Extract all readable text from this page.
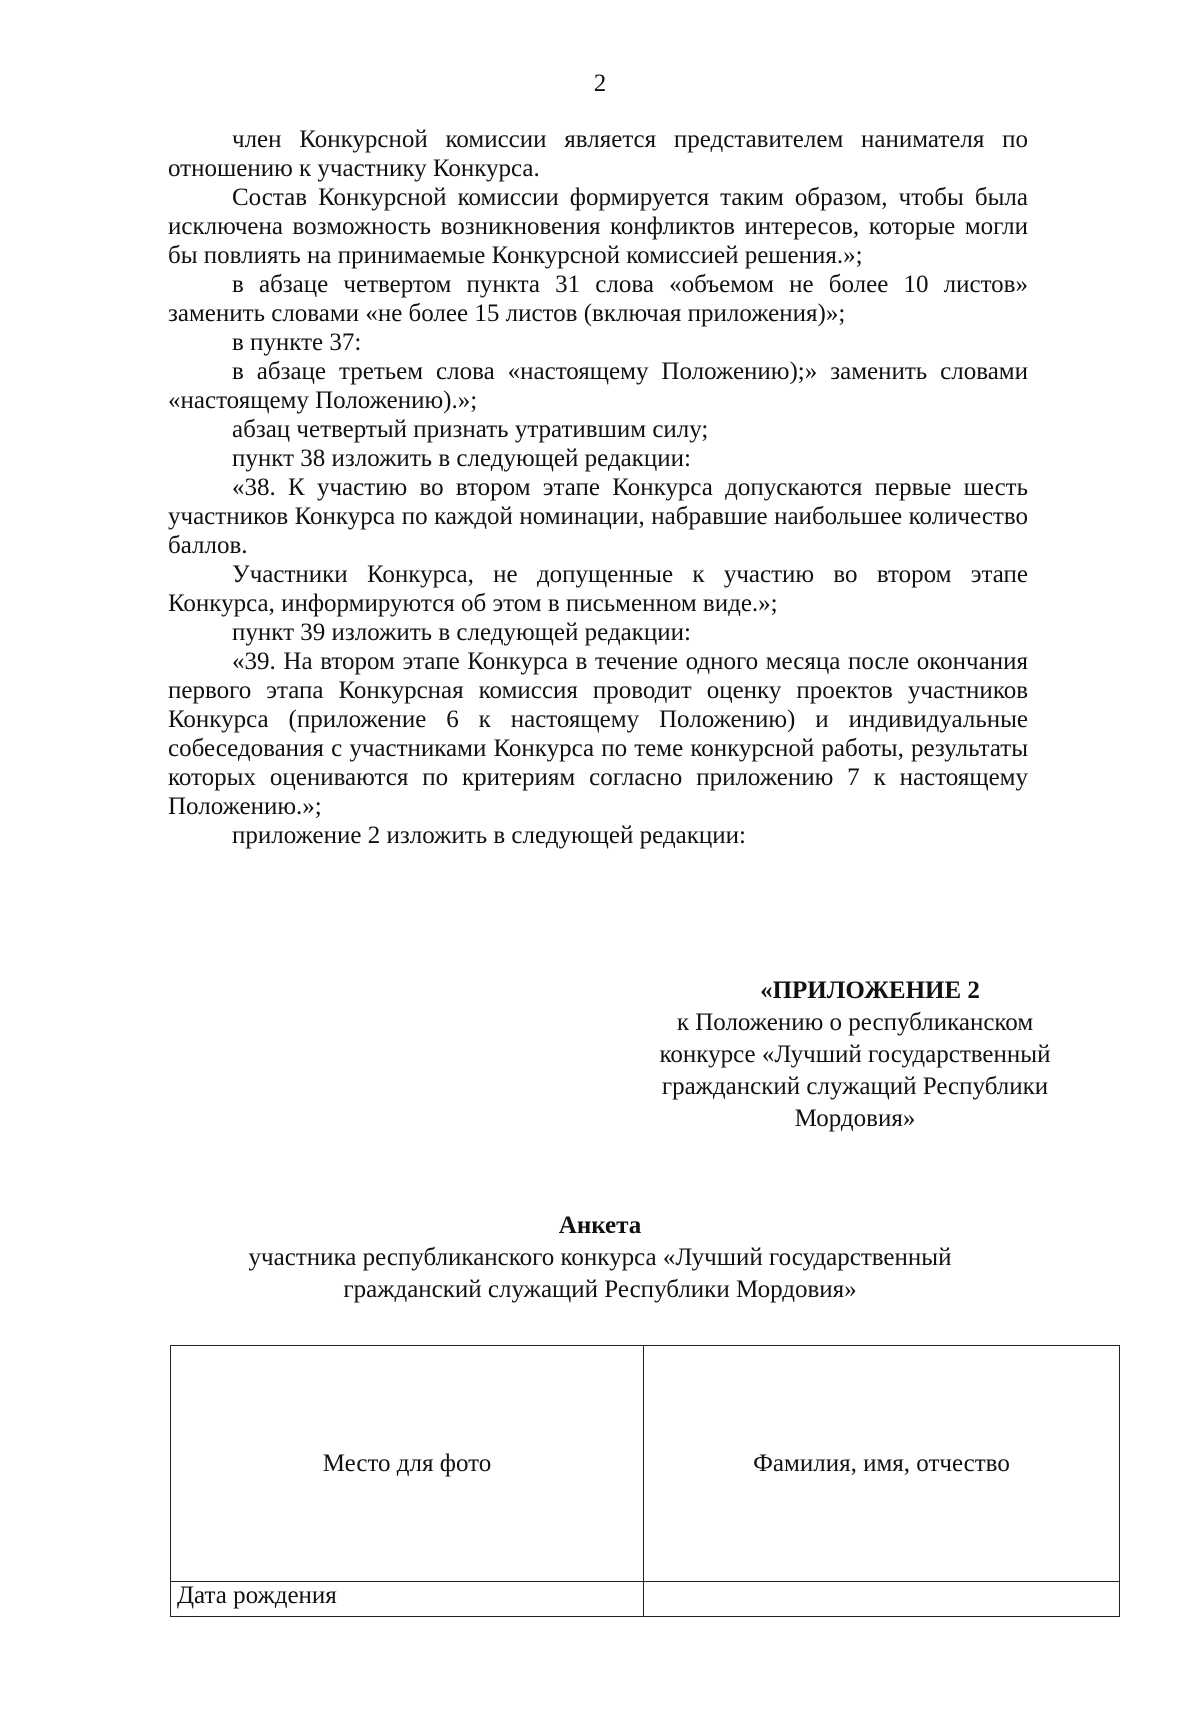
2

член Конкурсной комиссии является представителем нанимателя по отношению к участнику Конкурса.

Состав Конкурсной комиссии формируется таким образом, чтобы была исключена возможность возникновения конфликтов интересов, которые могли бы повлиять на принимаемые Конкурсной комиссией решения.»;

в абзаце четвертом пункта 31 слова «объемом не более 10 листов» заменить словами «не более 15 листов (включая приложения)»;

в пункте 37:

в абзаце третьем слова «настоящему Положению);» заменить словами «настоящему Положению).»;

абзац четвертый признать утратившим силу;

пункт 38 изложить в следующей редакции:

«38. К участию во втором этапе Конкурса допускаются первые шесть участников Конкурса по каждой номинации, набравшие наибольшее количество баллов.

Участники Конкурса, не допущенные к участию во втором этапе Конкурса, информируются об этом в письменном виде.»;

пункт 39 изложить в следующей редакции:

«39. На втором этапе Конкурса в течение одного месяца после окончания первого этапа Конкурсная комиссия проводит оценку проектов участников Конкурса (приложение 6 к настоящему Положению) и индивидуальные собеседования с участниками Конкурса по теме конкурсной работы, результаты которых оцениваются по критериям согласно приложению 7 к настоящему Положению.»;

приложение 2 изложить в следующей редакции:

«ПРИЛОЖЕНИЕ 2
к Положению о республиканском
конкурсе «Лучший государственный
гражданский служащий Республики
Мордовия»
Анкета
участника республиканского конкурса «Лучший государственный
гражданский служащий Республики Мордовия»
Место для фото	Фамилия, имя, отчество
Дата рождения	
